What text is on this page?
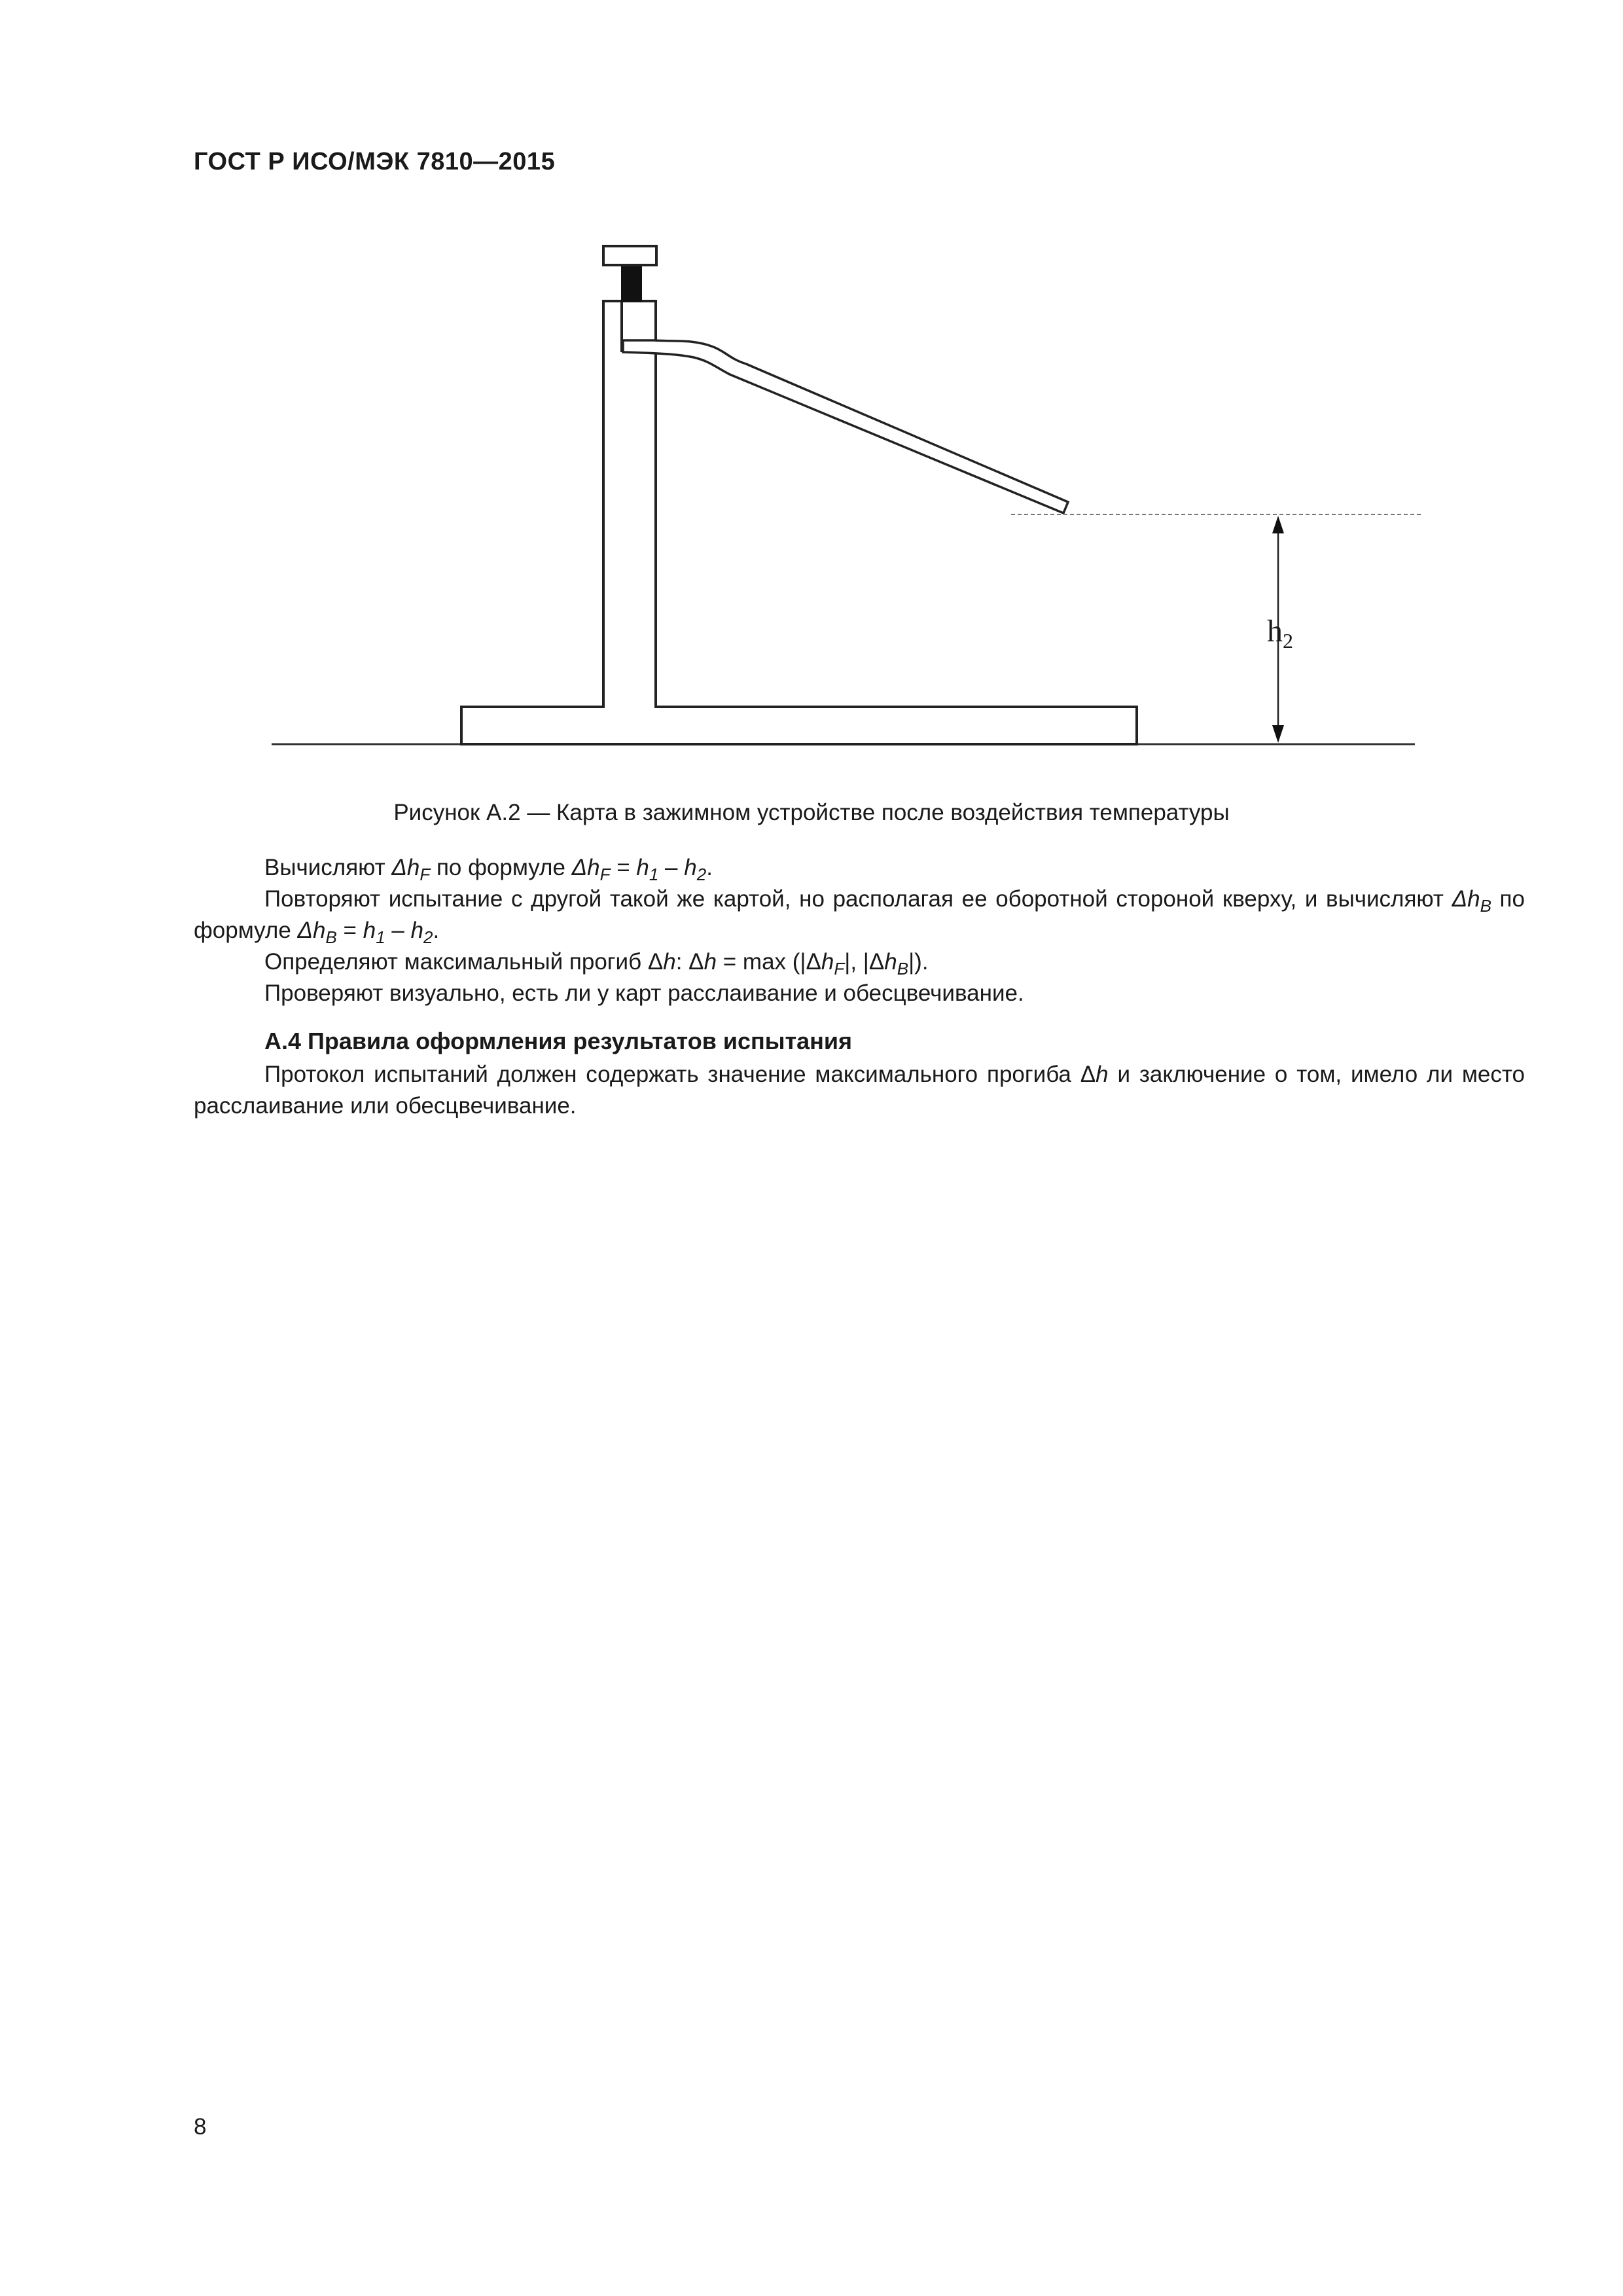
ГОСТ Р ИСО/МЭК 7810—2015
$h_2$
Рисунок А.2 — Карта в зажимном устройстве после воздействия температуры

Вычисляют $\Delta h_F$ по формуле $\Delta h_F = h_1 - h_2$.

Повторяют испытание с другой такой же картой, но располагая ее оборотной стороной кверху, и вычисляют $\Delta h_B$ по формуле $\Delta h_B = h_1 - h_2$.

Определяют максимальный прогиб Δh: $\Delta h = \max (|\Delta h_F|$, $|\Delta h_B|$).

Проверяют визуально, есть ли у карт расслаивание и обесцвечивание.

А.4 Правила оформления результатов испытания

Протокол испытаний должен содержать значение максимального прогиба Δh и заключение о том, имело ли место расслаивание или обесцвечивание.

8
